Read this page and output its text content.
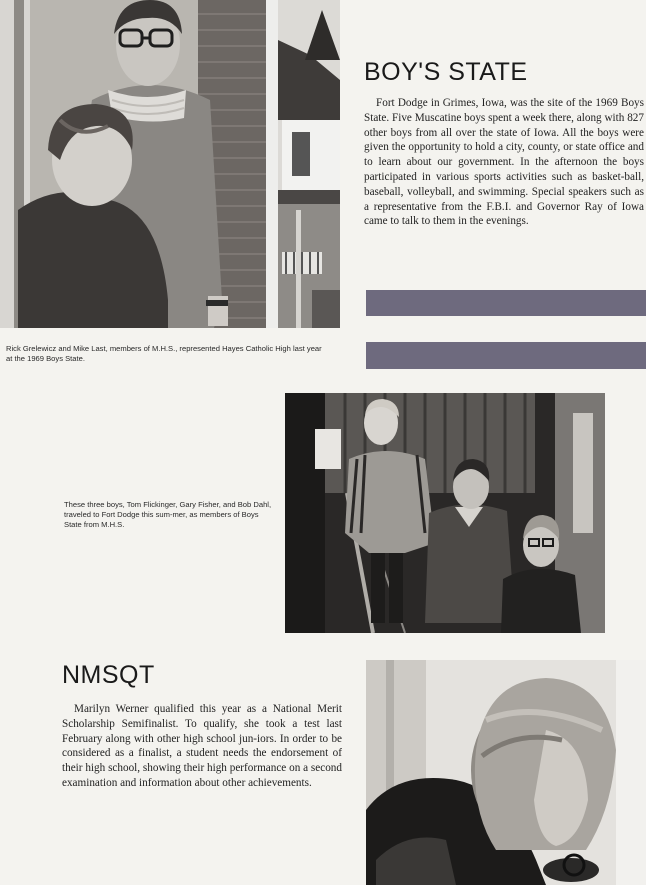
BOY'S STATE

Fort Dodge in Grimes, Iowa, was the site of the 1969 Boys State. Five Muscatine boys spent a week there, along with 827 other boys from all over the state of Iowa. All the boys were given the opportunity to hold a city, county, or state office and to learn about our government. In the afternoon the boys participated in various sports activities such as basket-ball, baseball, volleyball, and swimming. Special speakers such as a representative from the F.B.I. and Governor Ray of Iowa came to talk to them in the evenings.

Rick Grelewicz and Mike Last, members of M.H.S., represented Hayes Catholic High last year at the 1969 Boys State.

These three boys, Tom Flickinger, Gary Fisher, and Bob Dahl, traveled to Fort Dodge this sum-mer, as members of Boys State from M.H.S.

NMSQT

Marilyn Werner qualified this year as a National Merit Scholarship Semifinalist. To qualify, she took a test last February along with other high school jun-iors. In order to be considered as a finalist, a student needs the endorsement of their high school, showing their high performance on a second examination and information about other achievements.
